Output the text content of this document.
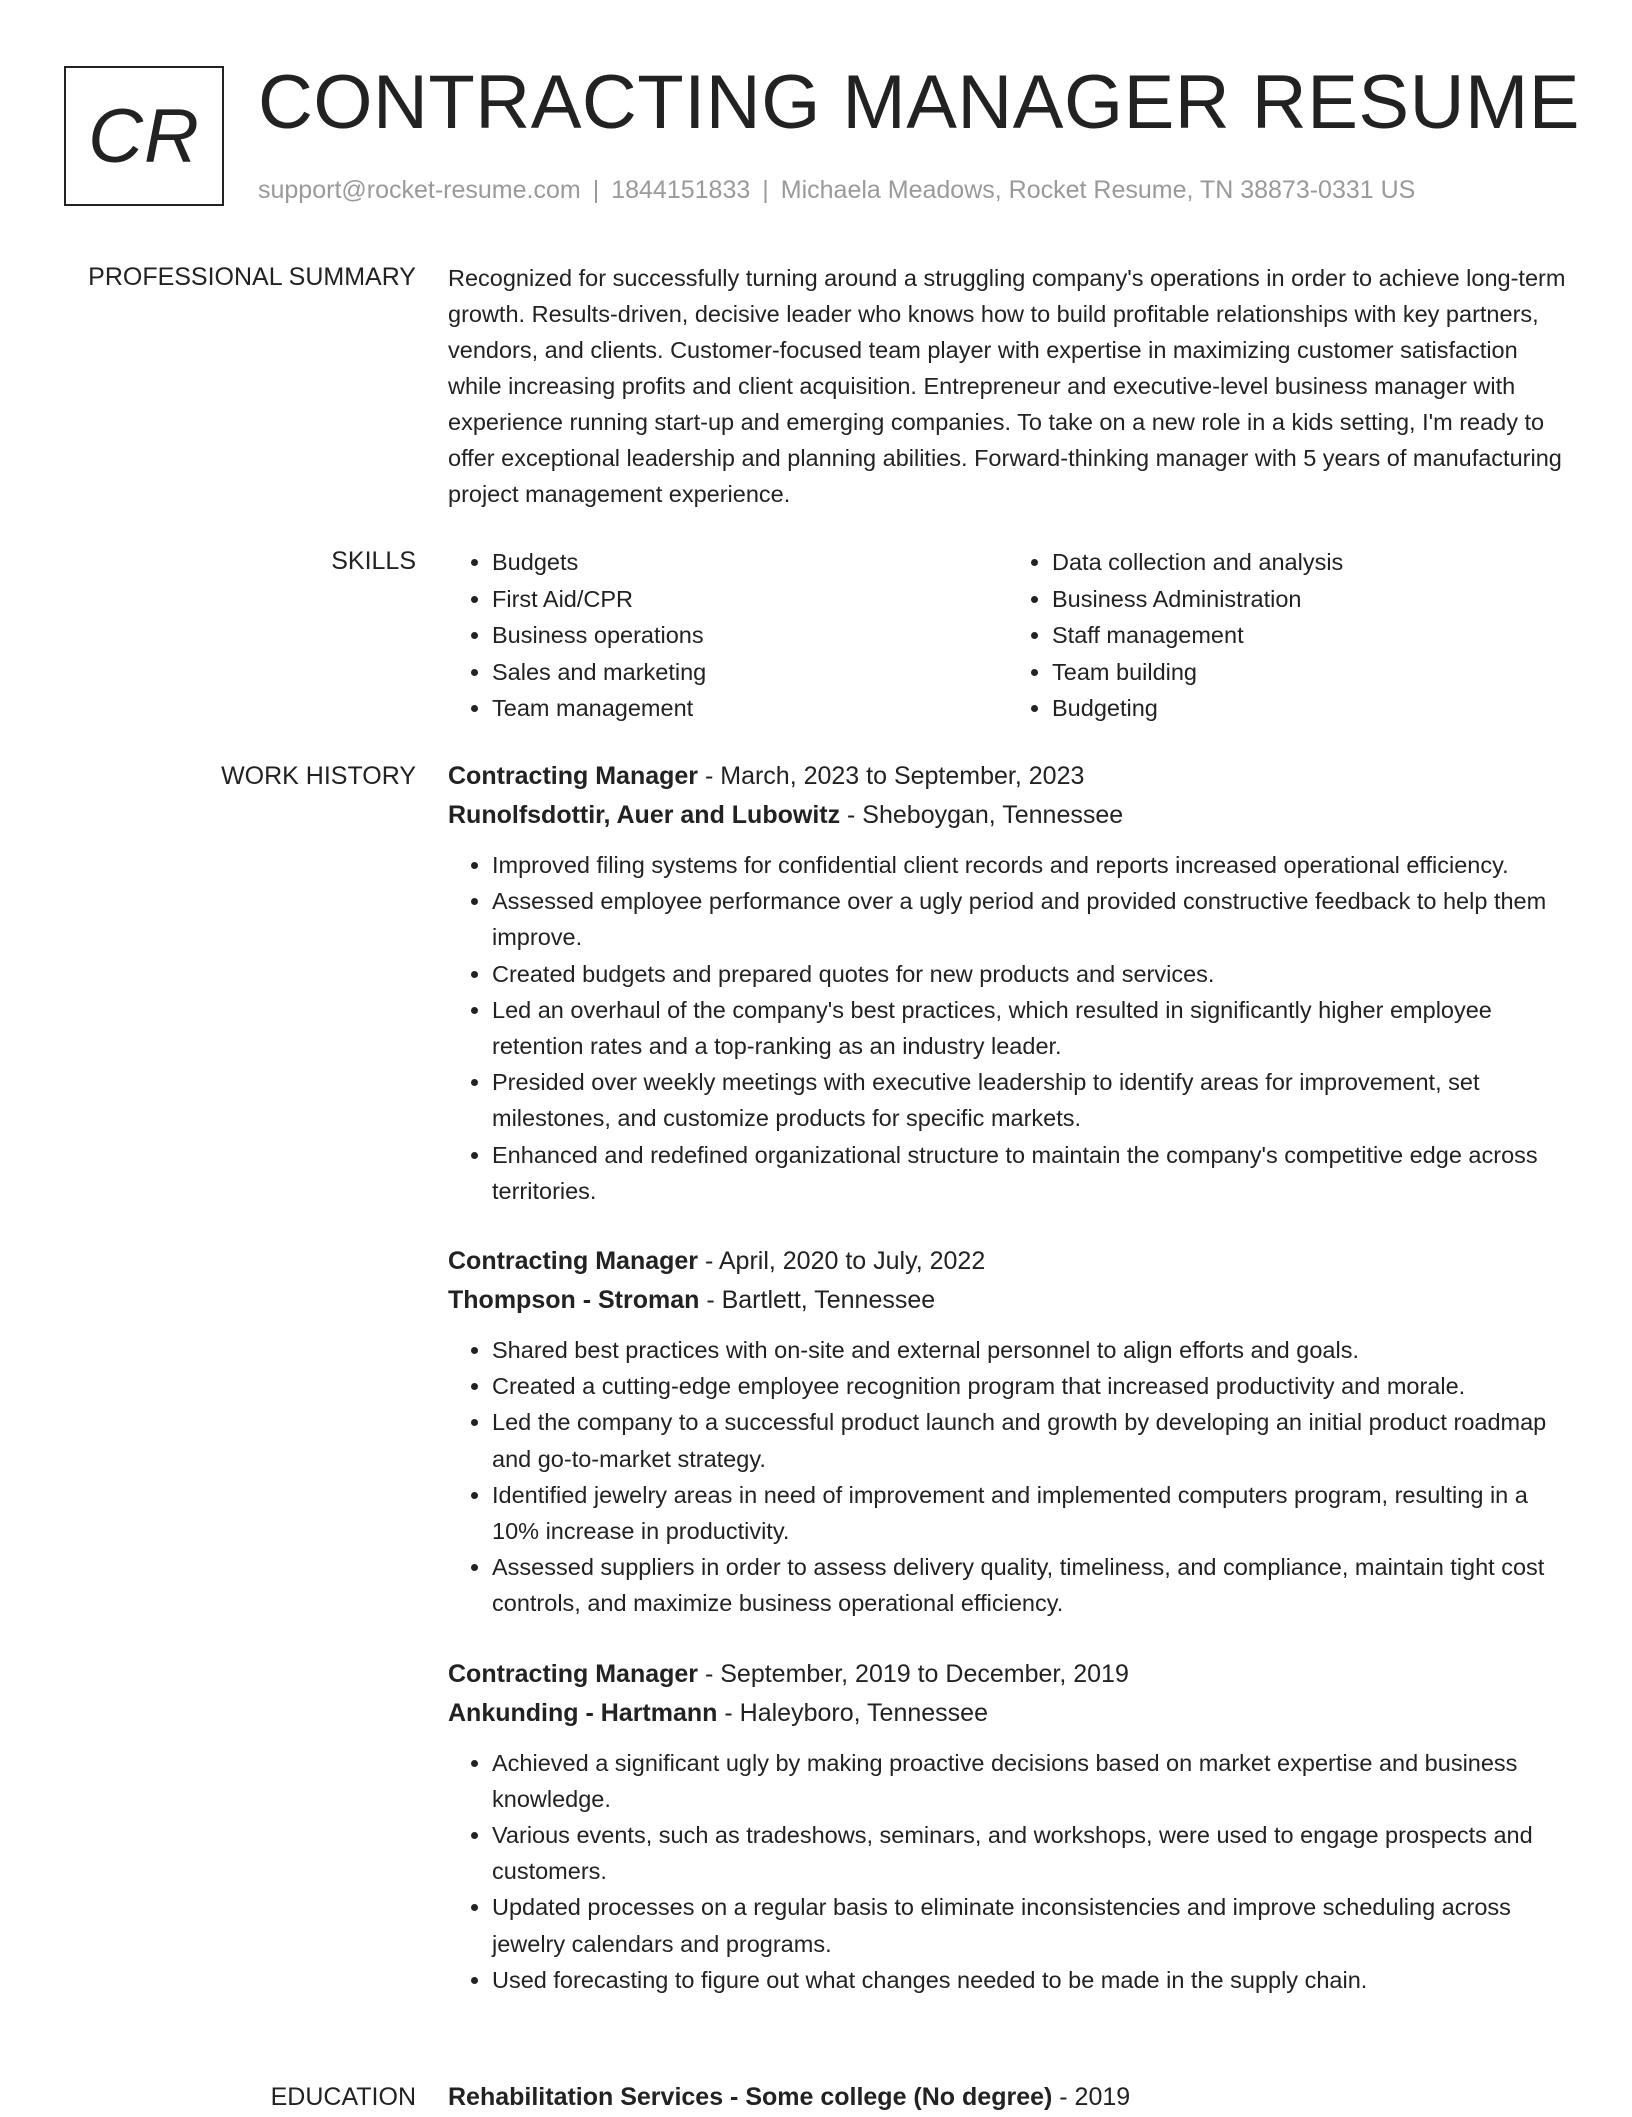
CR CONTRACTING MANAGER RESUME
support@rocket-resume.com | 1844151833 | Michaela Meadows, Rocket Resume, TN 38873-0331 US
PROFESSIONAL SUMMARY Recognized for successfully turning around a struggling company's operations in order to achieve long-term growth. Results-driven, decisive leader who knows how to build profitable relationships with key partners, vendors, and clients. Customer-focused team player with expertise in maximizing customer satisfaction while increasing profits and client acquisition. Entrepreneur and executive-level business manager with experience running start-up and emerging companies. To take on a new role in a kids setting, I'm ready to offer exceptional leadership and planning abilities. Forward-thinking manager with 5 years of manufacturing project management experience.

SKILLS
•	Budgets
• First Aid/CPR
• Business operations
• Sales and marketing
• Team management
• Data collection and analysis
• Business Administration
• Staff management
• Team building
• Budgeting
WORK HISTORY Contracting Manager - March, 2023 to September, 2023
Runolfsdottir, Auer and Lubowitz - Sheboygan, Tennessee
• Improved filing systems for confidential client records and reports increased operational efficiency.
• Assessed employee performance over a ugly period and provided constructive feedback to help them improve.
• Created budgets and prepared quotes for new products and services.
• Led an overhaul of the company's best practices, which resulted in significantly higher employee retention rates and a top-ranking as an industry leader.
• Presided over weekly meetings with executive leadership to identify areas for improvement, set milestones, and customize products for specific markets.
• Enhanced and redefined organizational structure to maintain the company's competitive edge across territories.
Contracting Manager - April, 2020 to July, 2022
Thompson - Stroman - Bartlett, Tennessee
• Shared best practices with on-site and external personnel to align efforts and goals.
• Created a cutting-edge employee recognition program that increased productivity and morale.
• Led the company to a successful product launch and growth by developing an initial product roadmap and go-to-market strategy.
• Identified jewelry areas in need of improvement and implemented computers program, resulting in a 10% increase in productivity.
• Assessed suppliers in order to assess delivery quality, timeliness, and compliance, maintain tight cost controls, and maximize business operational efficiency.
Contracting Manager - September, 2019 to December, 2019
Ankunding - Hartmann - Haleyboro, Tennessee
• Achieved a significant ugly by making proactive decisions based on market expertise and business knowledge.
• Various events, such as tradeshows, seminars, and workshops, were used to engage prospects and customers.
• Updated processes on a regular basis to eliminate inconsistencies and improve scheduling across jewelry calendars and programs.
• Used forecasting to figure out what changes needed to be made in the supply chain.
EDUCATION Rehabilitation Services - Some college (No degree) - 2019
